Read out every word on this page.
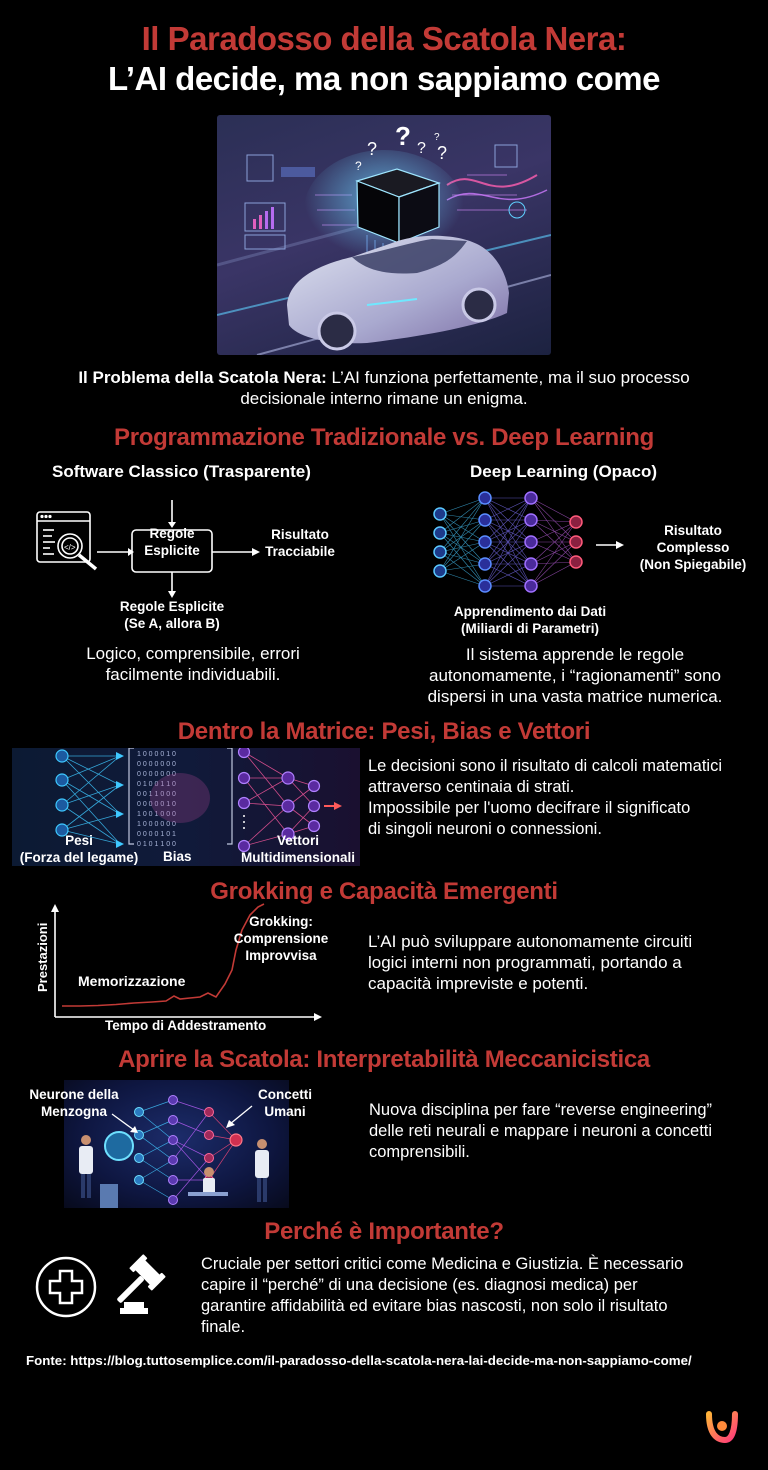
Il Paradosso della Scatola Nera:
L’AI decide, ma non sappiamo come
?
? ? ?
?
?
Il Problema della Scatola Nera: L’AI funziona perfettamente, ma il suo processo
decisionale interno rimane un enigma.
Programmazione Tradizionale vs. Deep Learning
Software Classico (Trasparente)	Deep Learning (Opaco)
</>
Regole
Esplicite
Risultato
Tracciabile
Regole Esplicite
(Se A, allora B)
Logico, comprensibile, errori
facilmente individuabili.
Risultato
Complesso
(Non Spiegabile)
Apprendimento dai Dati
(Miliardi di Parametri)
Il sistema apprende le regole
autonomamente, i “ragionamenti” sono
dispersi in una vasta matrice numerica.
Dentro la Matrice: Pesi, Bias e Vettori
1 0 0 0 0 1 0
0 0 0 0 0 0 0
0 0 0 0 0 0 0
0 1 0 0 1 1 0
0 0 1 1 0 0 0
0 0 0 0 0 1 0
1 0 0 1 0 0 0
1 0 0 0 0 0 0
0 0 0 0 1 0 1
0 1 0 1 1 0 0
Pesi
(Forza del legame)	Bias
Vettori
Multidimensionali
Le decisioni sono il risultato di calcoli matematici
attraverso centinaia di strati.
Impossibile per l'uomo decifrare il significato
di singoli neuroni o connessioni.
Grokking e Capacità Emergenti
Prestazioni Memorizzazione
Grokking:
Comprensione
Improvvisa
Tempo di Addestramento
L’AI può sviluppare autonomamente circuiti
logici interni non programmati, portando a
capacità impreviste e potenti.
Aprire la Scatola: Interpretabilità Meccanicistica
Neurone della
Menzogna
Concetti
Umani	Nuova disciplina per fare “reverse engineering”
delle reti neurali e mappare i neuroni a concetti
comprensibili.
Perché è Importante?
Cruciale per settori critici come Medicina e Giustizia. È necessario
capire il “perché” di una decisione (es. diagnosi medica) per
garantire affidabilità ed evitare bias nascosti, non solo il risultato
finale.
Fonte: https://blog.tuttosemplice.com/il-paradosso-della-scatola-nera-lai-decide-ma-non-sappiamo-come/
